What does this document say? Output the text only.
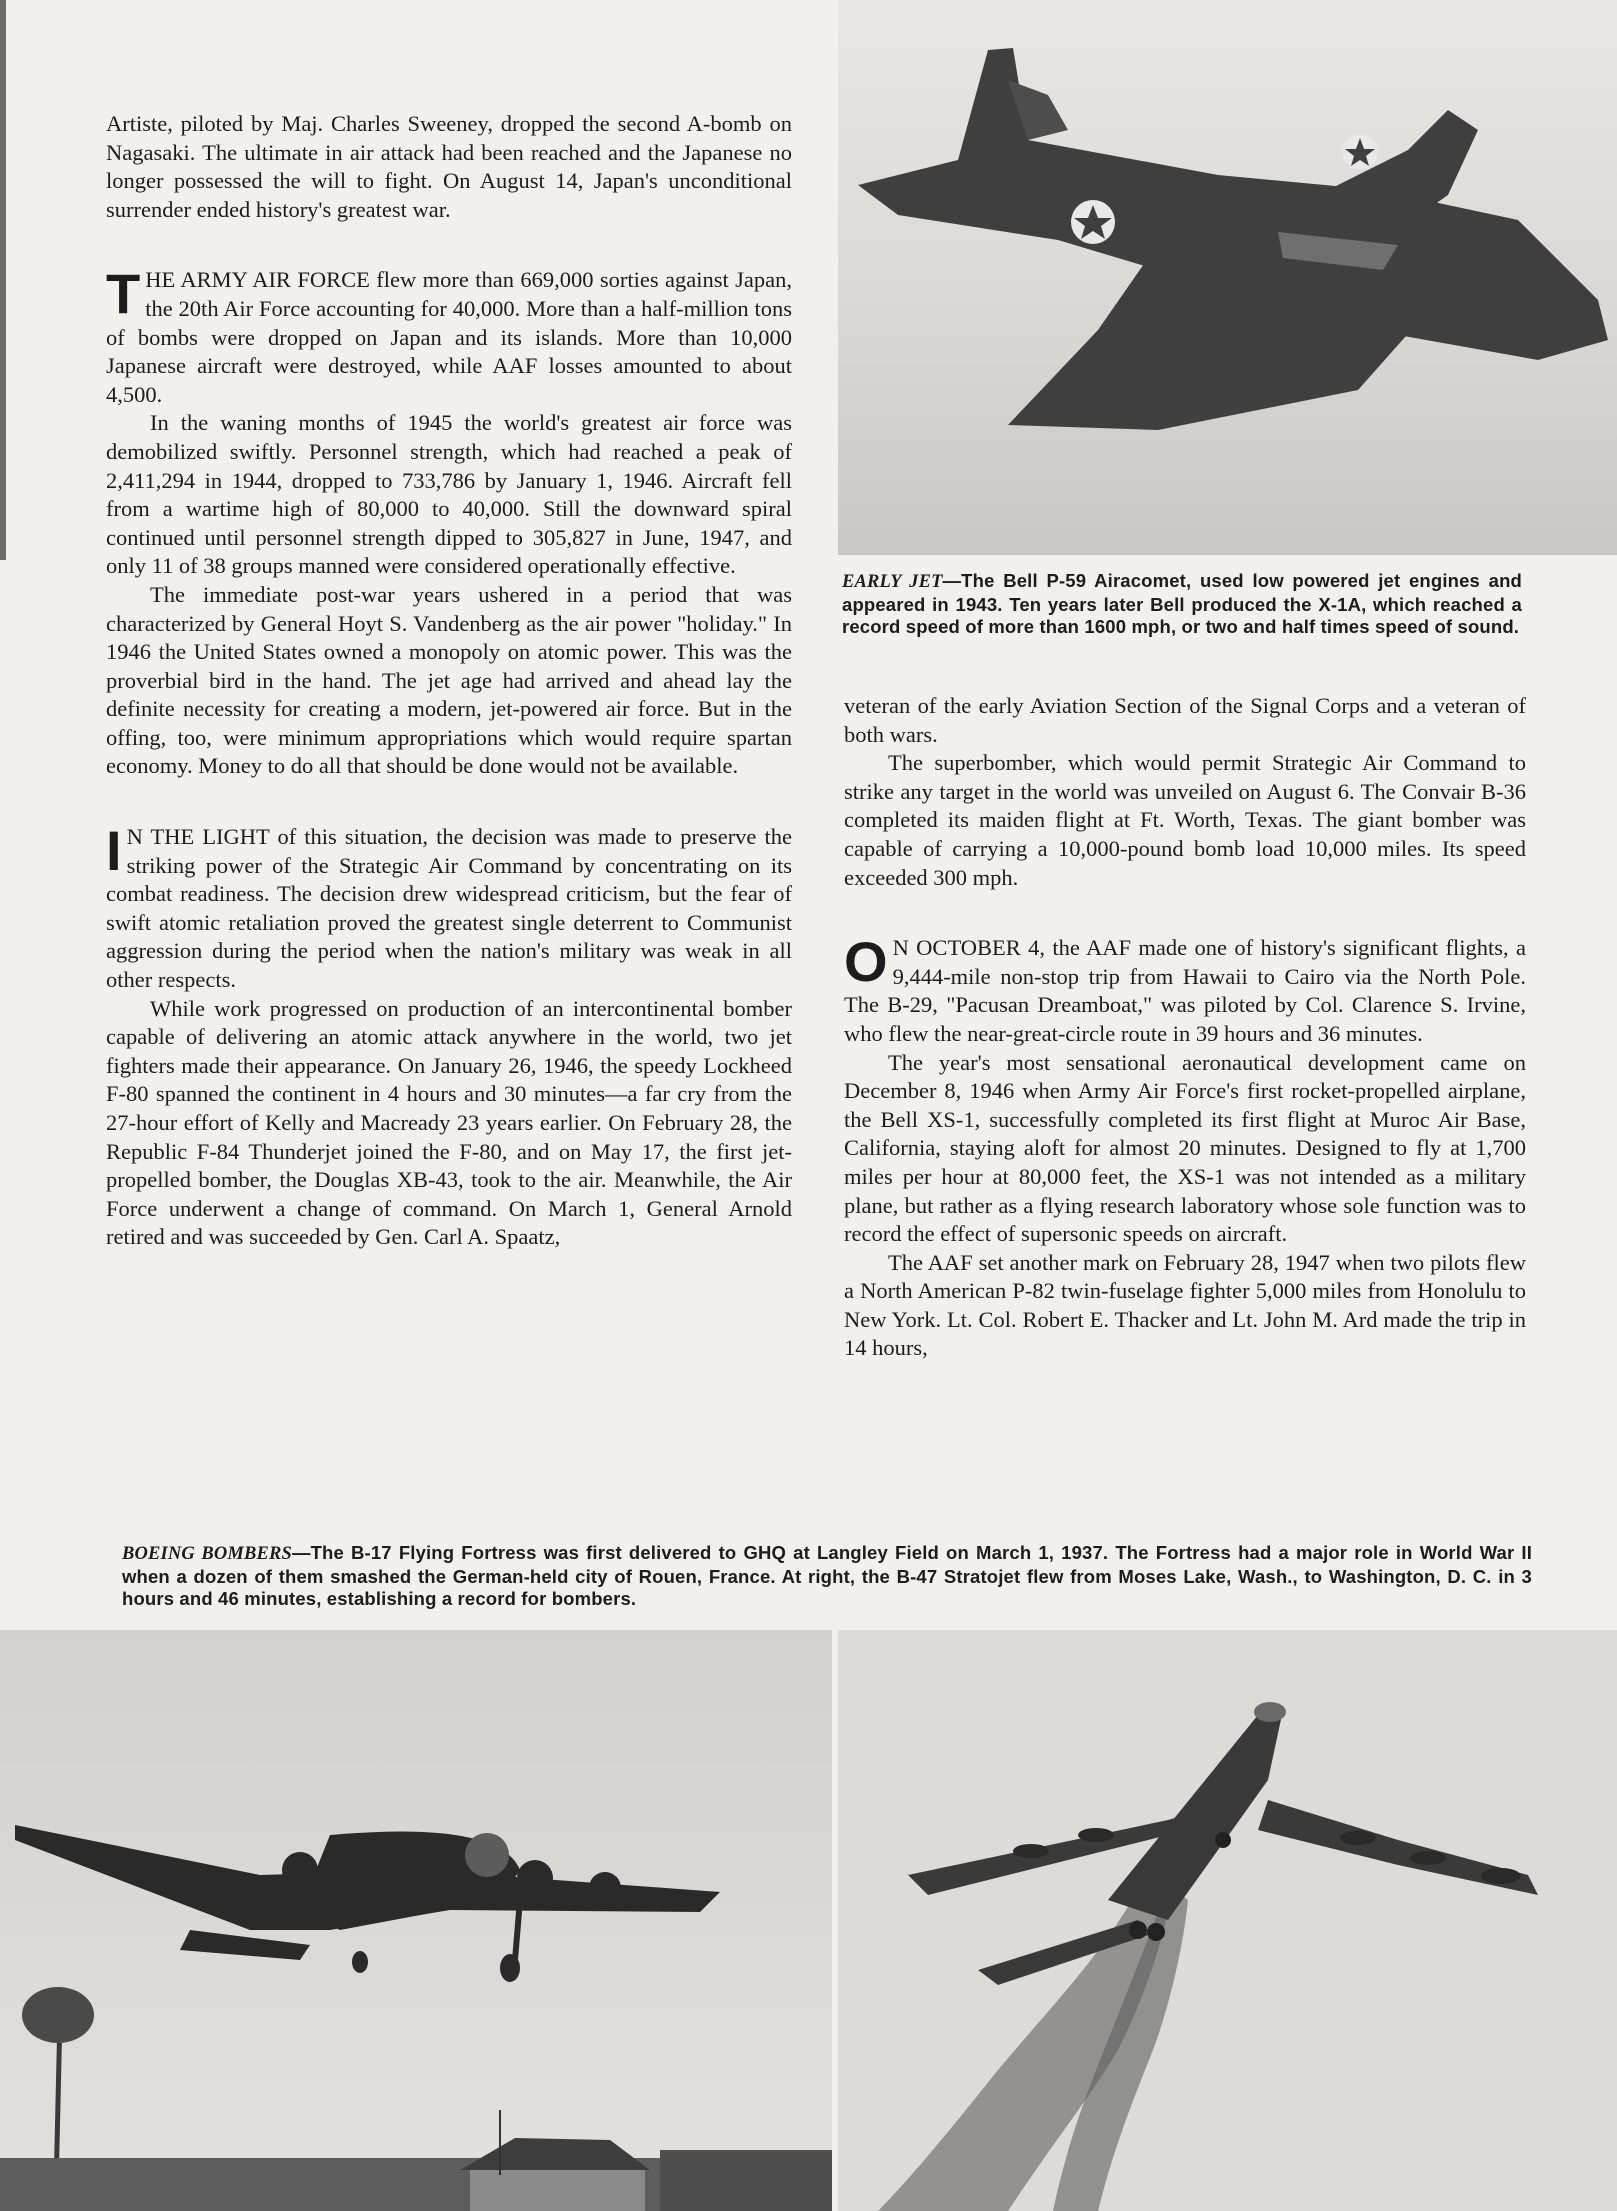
Artiste, piloted by Maj. Charles Sweeney, dropped the second A-bomb on Nagasaki. The ultimate in air attack had been reached and the Japanese no longer possessed the will to fight. On August 14, Japan's unconditional surrender ended history's greatest war.

THE ARMY AIR FORCE flew more than 669,000 sorties against Japan, the 20th Air Force accounting for 40,000. More than a half-million tons of bombs were dropped on Japan and its islands. More than 10,000 Japanese aircraft were destroyed, while AAF losses amounted to about 4,500.

In the waning months of 1945 the world's greatest air force was demobilized swiftly. Personnel strength, which had reached a peak of 2,411,294 in 1944, dropped to 733,786 by January 1, 1946. Aircraft fell from a wartime high of 80,000 to 40,000. Still the downward spiral continued until personnel strength dipped to 305,827 in June, 1947, and only 11 of 38 groups manned were considered operationally effective.

The immediate post-war years ushered in a period that was characterized by General Hoyt S. Vandenberg as the air power "holiday." In 1946 the United States owned a monopoly on atomic power. This was the proverbial bird in the hand. The jet age had arrived and ahead lay the definite necessity for creating a modern, jet-powered air force. But in the offing, too, were minimum appropriations which would require spartan economy. Money to do all that should be done would not be available.

I N THE LIGHT of this situation, the decision was made to preserve the striking power of the Strategic Air Command by concentrating on its combat readiness. The decision drew widespread criticism, but the fear of swift atomic retaliation proved the greatest single deterrent to Communist aggression during the period when the nation's military was weak in all other respects.

While work progressed on production of an intercontinental bomber capable of delivering an atomic attack anywhere in the world, two jet fighters made their appearance. On January 26, 1946, the speedy Lockheed F-80 spanned the continent in 4 hours and 30 minutes—a far cry from the 27-hour effort of Kelly and Macready 23 years earlier. On February 28, the Republic F-84 Thunderjet joined the F-80, and on May 17, the first jet-propelled bomber, the Douglas XB-43, took to the air. Meanwhile, the Air Force underwent a change of command. On March 1, General Arnold retired and was succeeded by Gen. Carl A. Spaatz,

EARLY JET—The Bell P-59 Airacomet, used low powered jet engines and appeared in 1943. Ten years later Bell produced the X-1A, which reached a record speed of more than 1600 mph, or two and half times speed of sound.

veteran of the early Aviation Section of the Signal Corps and a veteran of both wars.

The superbomber, which would permit Strategic Air Command to strike any target in the world was unveiled on August 6. The Convair B-36 completed its maiden flight at Ft. Worth, Texas. The giant bomber was capable of carrying a 10,000-pound bomb load 10,000 miles. Its speed exceeded 300 mph.

O N OCTOBER 4, the AAF made one of history's significant flights, a 9,444-mile non-stop trip from Hawaii to Cairo via the North Pole. The B-29, "Pacusan Dreamboat," was piloted by Col. Clarence S. Irvine, who flew the near-great-circle route in 39 hours and 36 minutes.

The year's most sensational aeronautical development came on December 8, 1946 when Army Air Force's first rocket-propelled airplane, the Bell XS-1, successfully completed its first flight at Muroc Air Base, California, staying aloft for almost 20 minutes. Designed to fly at 1,700 miles per hour at 80,000 feet, the XS-1 was not intended as a military plane, but rather as a flying research laboratory whose sole function was to record the effect of supersonic speeds on aircraft.

The AAF set another mark on February 28, 1947 when two pilots flew a North American P-82 twin-fuselage fighter 5,000 miles from Honolulu to New York. Lt. Col. Robert E. Thacker and Lt. John M. Ard made the trip in 14 hours,

BOEING BOMBERS—The B-17 Flying Fortress was first delivered to GHQ at Langley Field on March 1, 1937. The Fortress had a major role in World War II when a dozen of them smashed the German-held city of Rouen, France. At right, the B-47 Stratojet flew from Moses Lake, Wash., to Washington, D. C. in 3 hours and 46 minutes, establishing a record for bombers.
